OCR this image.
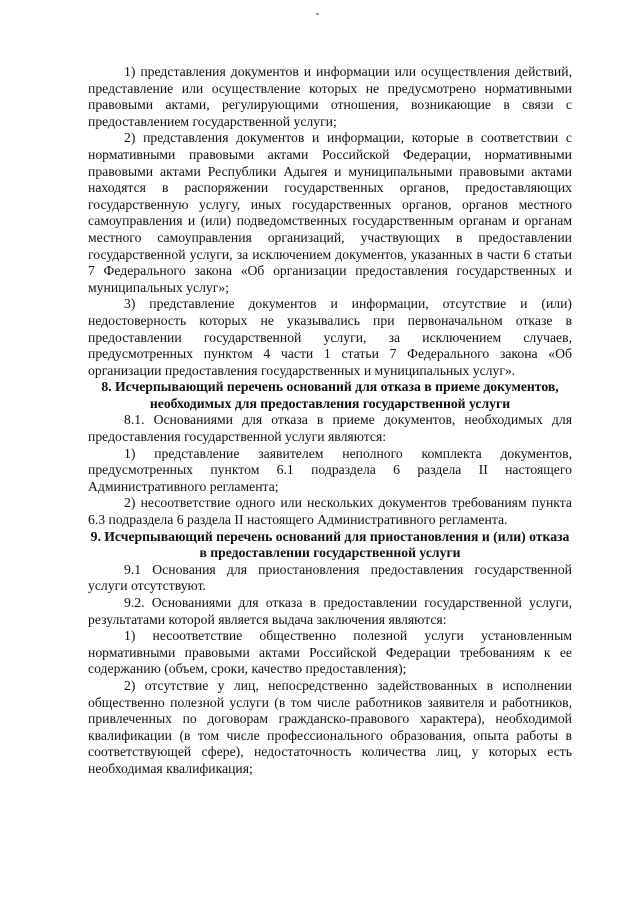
1) представления документов и информации или осуществления действий, представление или осуществление которых не предусмотрено нормативными правовыми актами, регулирующими отношения, возникающие в связи с предоставлением государственной услуги;

2) представления документов и информации, которые в соответствии с нормативными правовыми актами Российской Федерации, нормативными правовыми актами Республики Адыгея и муниципальными правовыми актами находятся в распоряжении государственных органов, предоставляющих государственную услугу, иных государственных органов, органов местного самоуправления и (или) подведомственных государственным органам и органам местного самоуправления организаций, участвующих в предоставлении государственной услуги, за исключением документов, указанных в части 6 статьи 7 Федерального закона «Об организации предоставления государственных и муниципальных услуг»;

3) представление документов и информации, отсутствие и (или) недостоверность которых не указывались при первоначальном отказе в предоставлении государственной услуги, за исключением случаев, предусмотренных пунктом 4 части 1 статьи 7 Федерального закона «Об организации предоставления государственных и муниципальных услуг».

8. Исчерпывающий перечень оснований для отказа в приеме документов, необходимых для предоставления государственной услуги

8.1. Основаниями для отказа в приеме документов, необходимых для предоставления государственной услуги являются:

1) представление заявителем неполного комплекта документов, предусмотренных пунктом 6.1 подраздела 6 раздела II настоящего Административного регламента;

2) несоответствие одного или нескольких документов требованиям пункта 6.3 подраздела 6 раздела II настоящего Административного регламента.

9. Исчерпывающий перечень оснований для приостановления и (или) отказа в предоставлении государственной услуги

9.1 Основания для приостановления предоставления государственной услуги отсутствуют.

9.2. Основаниями для отказа в предоставлении государственной услуги, результатами которой является выдача заключения являются:

1) несоответствие общественно полезной услуги установленным нормативными правовыми актами Российской Федерации требованиям к ее содержанию (объем, сроки, качество предоставления);

2) отсутствие у лиц, непосредственно задействованных в исполнении общественно полезной услуги (в том числе работников заявителя и работников, привлеченных по договорам гражданско-правового характера), необходимой квалификации (в том числе профессионального образования, опыта работы в соответствующей сфере), недостаточность количества лиц, у которых есть необходимая квалификация;
